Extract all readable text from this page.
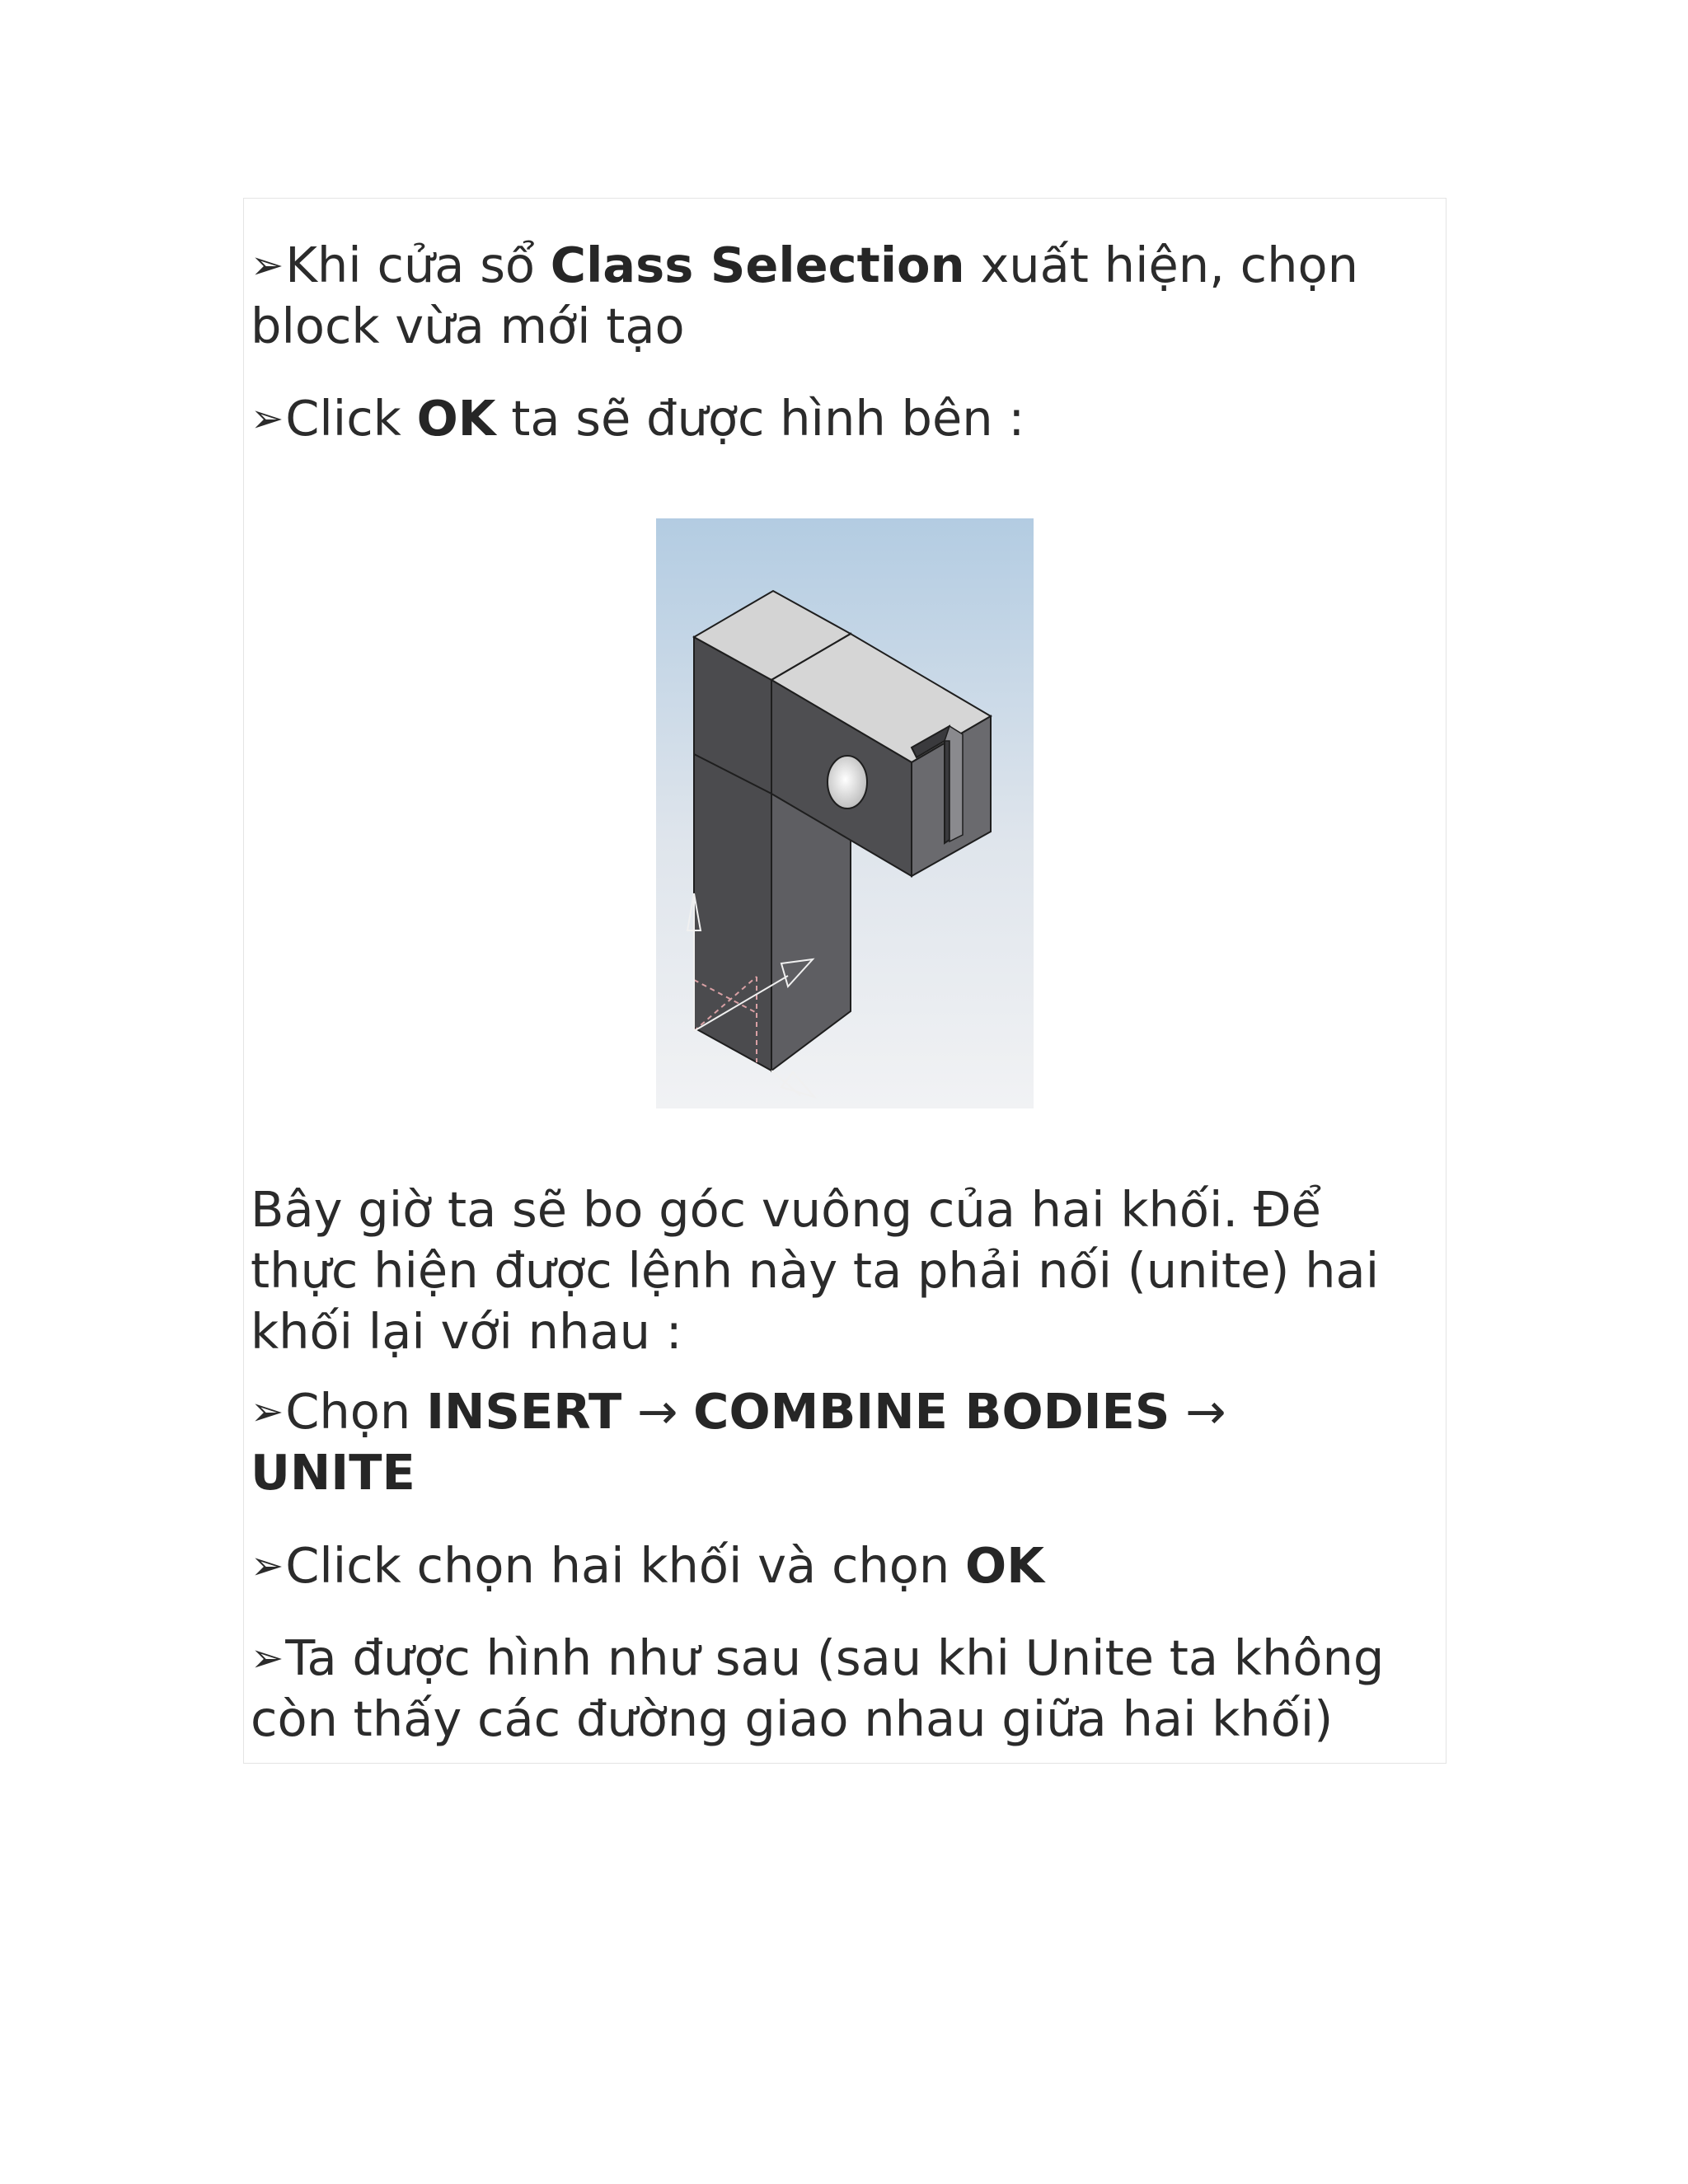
➢Khi cửa sổ Class Selection xuất hiện, chọn
block vừa mới tạo

➢Click OK ta sẽ được hình bên :

Bây giờ ta sẽ bo góc vuông của hai khối. Để
thực hiện được lệnh này ta phải nối (unite) hai
khối lại với nhau :

➢Chọn INSERT → COMBINE BODIES →
UNITE

➢Click chọn hai khối và chọn OK

➢Ta được hình như sau (sau khi Unite ta không
còn thấy các đường giao nhau giữa hai khối)
